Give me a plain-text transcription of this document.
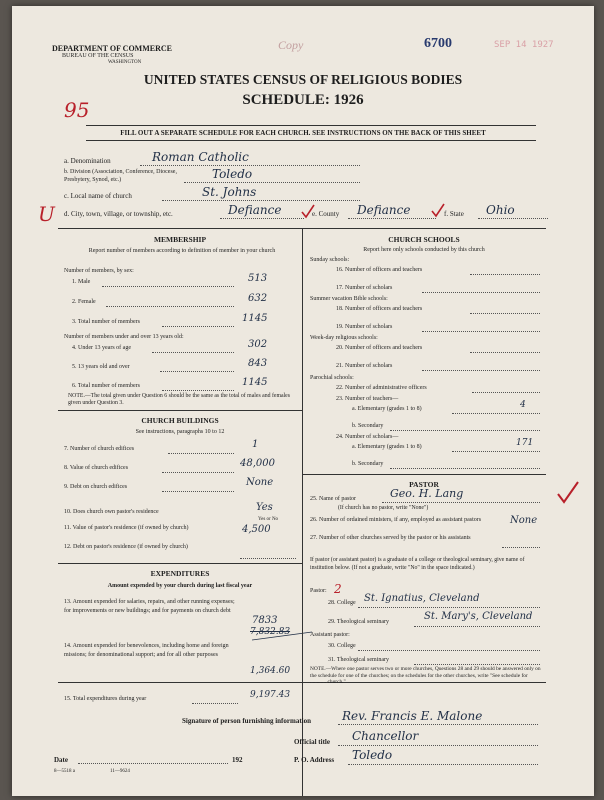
DEPARTMENT OF COMMERCE
BUREAU OF THE CENSUS
WASHINGTON
Copy	6700	SEP 14 1927
95
UNITED STATES CENSUS OF RELIGIOUS BODIES
SCHEDULE: 1926
FILL OUT A SEPARATE SCHEDULE FOR EACH CHURCH. SEE INSTRUCTIONS ON THE BACK OF THIS SHEET
a. Denomination	Roman Catholic
b. Division (Association, Conference, Diocese, Presbytery, Synod, etc.)	Toledo
c. Local name of church	St. Johns
U d. City, town, village, or township, etc.	Defiance	e. County Defiance	f. State Ohio
MEMBERSHIP
Report number of members according to definition of member in your church
Number of members, by sex:
1. Male	513
2. Female	632
3. Total number of members	1145
Number of members under and over 13 years old:
4. Under 13 years of age	302
5. 13 years old and over	843
6. Total number of members	1145
NOTE.—The total given under Question 6 should be the same as the total of males and females given under Question 3.
CHURCH BUILDINGS
See instructions, paragraphs 10 to 12
7. Number of church edifices	1
8. Value of church edifices	48,000
9. Debt on church edifices	None
10. Does church own pastor's residence	Yes
Yes or No
11. Value of pastor's residence (if owned by church)	4,500
12. Debt on pastor's residence (if owned by church)
EXPENDITURES
Amount expended by your church during last fiscal year
13. Amount expended for salaries, repairs, and other running expenses; for improvements or new buildings; and for payments on church debt
7833
7,832.83
14. Amount expended for benevolences, including home and foreign missions; for denominational support; and for all other purposes
1,364.60
15. Total expenditures during year	9,197.43
CHURCH SCHOOLS
Report here only schools conducted by this church
Sunday schools:
16. Number of officers and teachers
17. Number of scholars
Summer vacation Bible schools:
18. Number of officers and teachers
19. Number of scholars
Week-day religious schools:
20. Number of officers and teachers
21. Number of scholars
Parochial schools:
22. Number of administrative officers
23. Number of teachers—
a. Elementary (grades 1 to 8)	4
b. Secondary
24. Number of scholars—
a. Elementary (grades 1 to 8)	171
b. Secondary
PASTOR
25. Name of pastor	Geo. H. Lang
(If church has no pastor, write "None")
26. Number of ordained ministers, if any, employed as assistant pastors	None
27. Number of other churches served by the pastor or his assistants
If pastor (or assistant pastor) is a graduate of a college or theological seminary, give name of institution below. (If not a graduate, write "No" in the space indicated.)
Pastor: 2
28. College St. Ignatius, Cleveland
29. Theological seminary	St. Mary's, Cleveland
Assistant pastor:
30. College
31. Theological seminary
NOTE.—Where one pastor serves two or more churches, Questions 28 and 29 should be answered only on the schedule for one of the churches; on the schedules for the other churches, write "See schedule for ............ church."
Signature of person furnishing information	Rev. Francis E. Malone
Official title Chancellor
Date	192	P. O. Address Toledo
8—5518 a	11—9624
